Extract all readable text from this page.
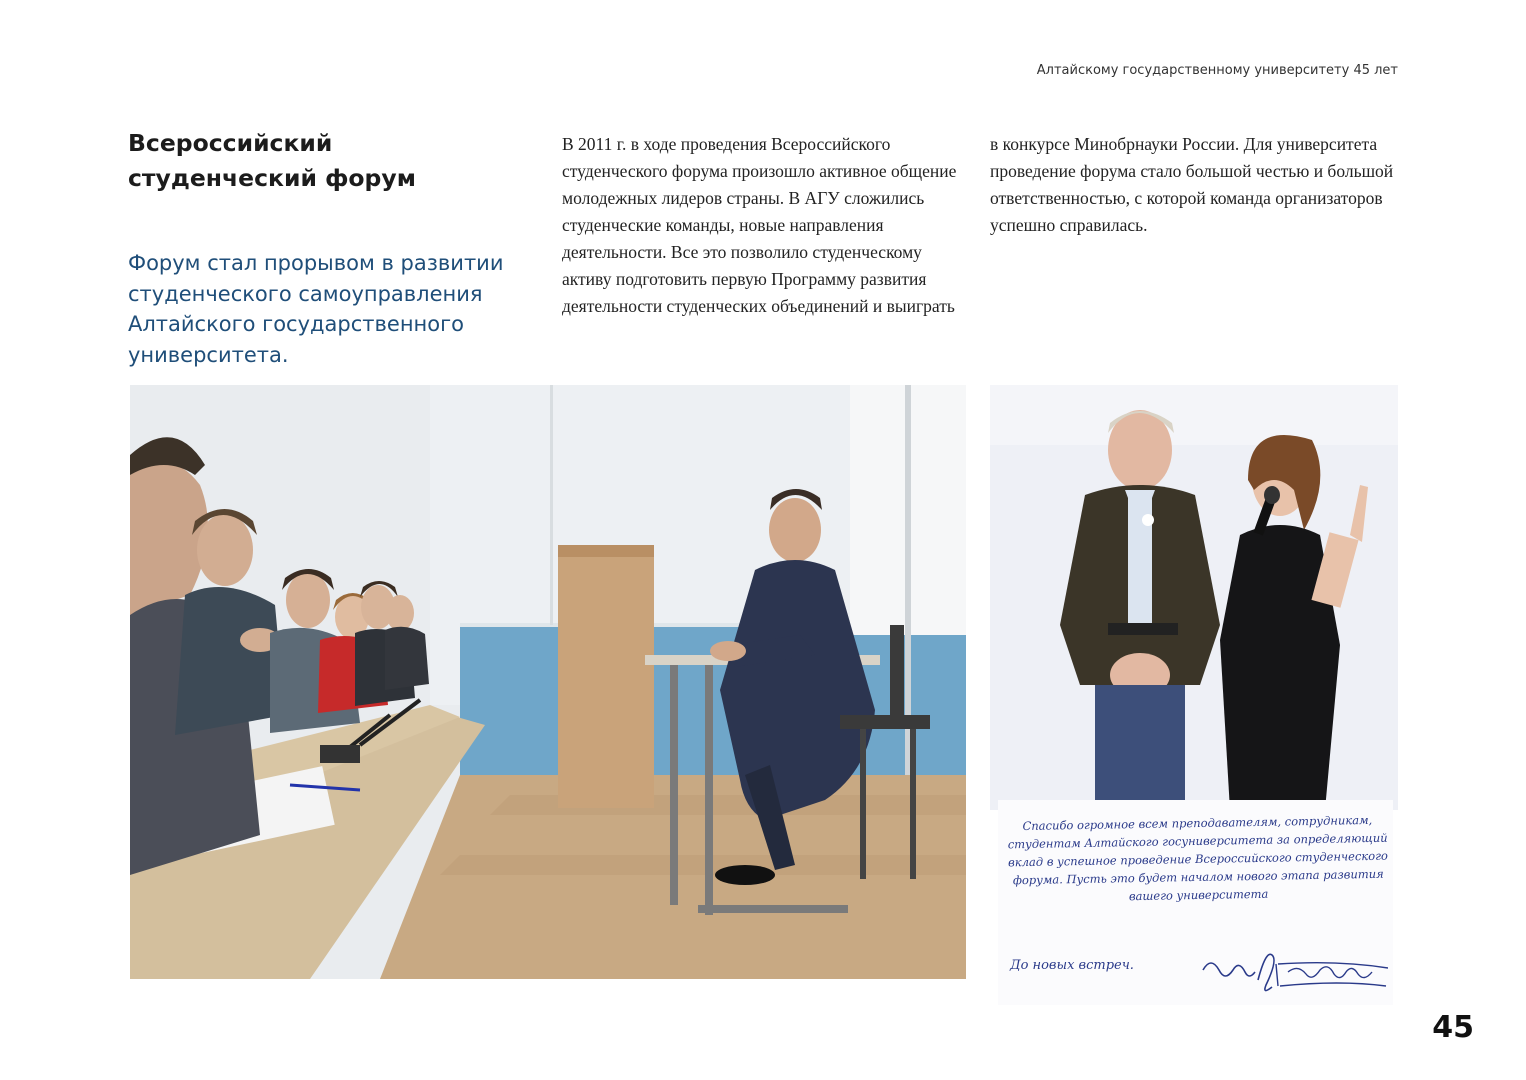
Алтайскому государственному университету 45 лет
Всероссийский студенческий форум

Форум стал прорывом в развитии студенческого самоуправления Алтайского государственного университета.

В 2011 г. в ходе проведения Всероссийского студенческого форума произошло активное общение молодежных лидеров страны. В АГУ сложились студенческие команды, новые направления деятельности. Все это позволило студенческому активу подготовить первую Программу развития деятельности студенческих объединений и выиграть

в конкурсе Минобрнауки России. Для университета проведение форума стало большой честью и большой ответственностью, с которой команда организаторов успешно справилась.

Спасибо огромное всем преподавателям, сотрудникам, студентам Алтайского госуниверситета за определяющий вклад в успешное проведение Всероссийского студенческого форума. Пусть это будет началом нового этапа развития вашего университета

До новых встреч.

45
